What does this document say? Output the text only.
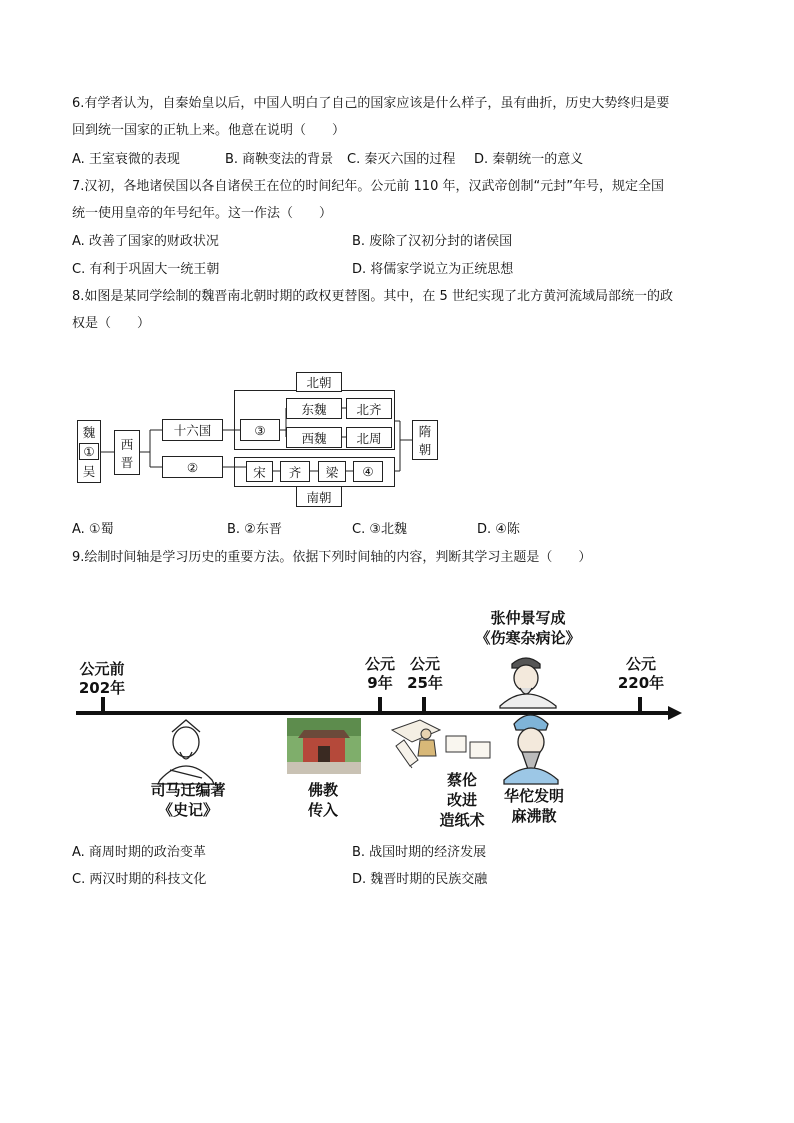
6.有学者认为，自秦始皇以后，中国人明白了自己的国家应该是什么样子，虽有曲折，历史大势终归是要
回到统一国家的正轨上来。他意在说明（　　）
A. 王室衰微的表现	B. 商鞅变法的背景 C. 秦灭六国的过程 D. 秦朝统一的意义
7.汉初，各地诸侯国以各自诸侯王在位的时间纪年。公元前 110 年，汉武帝创制“元封”年号，规定全国
统一使用皇帝的年号纪年。这一作法（　　）
A. 改善了国家的财政状况	B. 废除了汉初分封的诸侯国
C. 有利于巩固大一统王朝	D. 将儒家学说立为正统思想
8.如图是某同学绘制的魏晋南北朝时期的政权更替图。其中，在 5 世纪实现了北方黄河流域局部统一的政
权是（　　）
魏
①
吴
西
晋
十六国
②
北朝
③
东魏	北齐
西魏	北周
宋	齐	梁	④
南朝
隋
朝
A. ①蜀	B. ②东晋	C. ③北魏	D. ④陈
9.绘制时间轴是学习历史的重要方法。依据下列时间轴的内容，判断其学习主题是（　　）
公元前
202年
公元
9年
公元
25年
公元
220年
张仲景写成
《伤寒杂病论》
司马迁编著
《史记》
佛教
传入
蔡伦
改进
造纸术
华佗发明
麻沸散
A. 商周时期的政治变革	B. 战国时期的经济发展
C. 两汉时期的科技文化	D. 魏晋时期的民族交融
